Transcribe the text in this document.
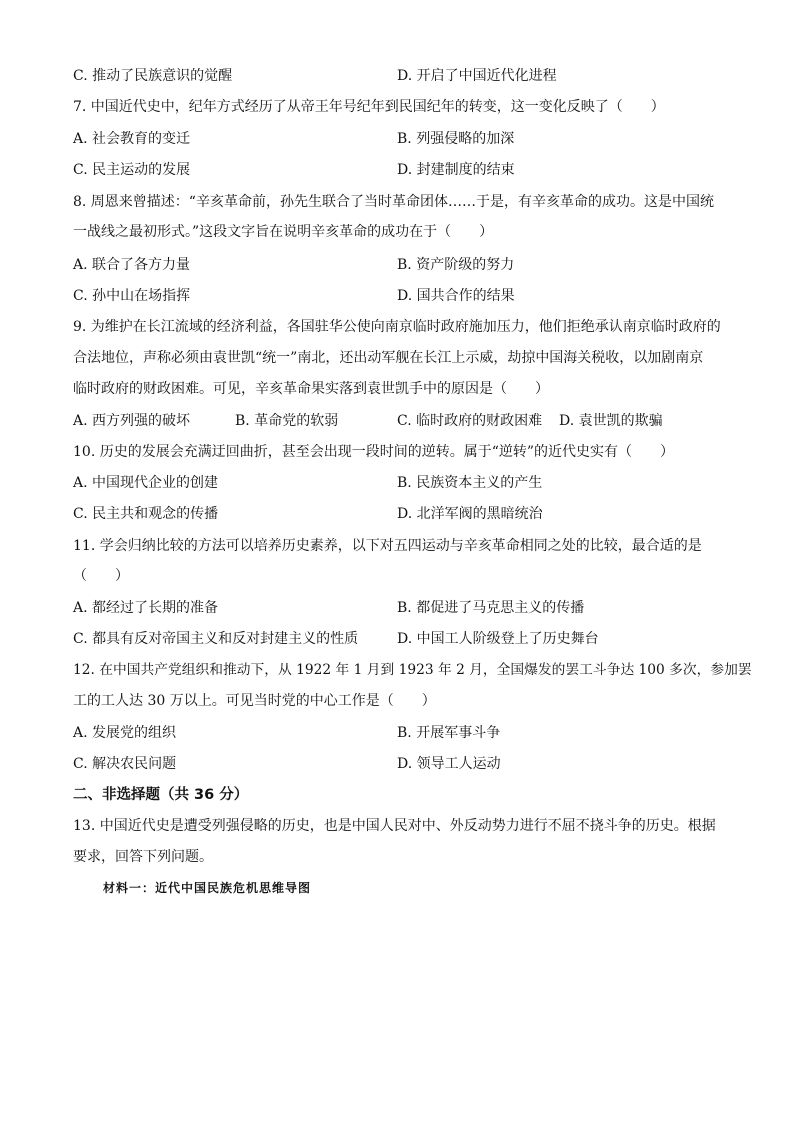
C. 推动了民族意识的觉醒	D. 开启了中国近代化进程
7. 中国近代史中，纪年方式经历了从帝王年号纪年到民国纪年的转变，这一变化反映了（　　）
A. 社会教育的变迁	B. 列强侵略的加深
C. 民主运动的发展	D. 封建制度的结束
8. 周恩来曾描述：“辛亥革命前，孙先生联合了当时革命团体……于是，有辛亥革命的成功。这是中国统
一战线之最初形式。”这段文字旨在说明辛亥革命的成功在于（　　）
A. 联合了各方力量	B. 资产阶级的努力
C. 孙中山在场指挥	D. 国共合作的结果
9. 为维护在长江流域的经济利益，各国驻华公使向南京临时政府施加压力，他们拒绝承认南京临时政府的
合法地位，声称必须由袁世凯“统一”南北，还出动军舰在长江上示威，劫掠中国海关税收，以加剧南京
临时政府的财政困难。可见，辛亥革命果实落到袁世凯手中的原因是（　　）
A. 西方列强的破坏	B. 革命党的软弱	C. 临时政府的财政困难 D. 袁世凯的欺骗
10. 历史的发展会充满迂回曲折，甚至会出现一段时间的逆转。属于“逆转”的近代史实有（　　）
A. 中国现代企业的创建	B. 民族资本主义的产生
C. 民主共和观念的传播	D. 北洋军阀的黑暗统治
11. 学会归纳比较的方法可以培养历史素养，以下对五四运动与辛亥革命相同之处的比较，最合适的是
（　　）
A. 都经过了长期的准备	B. 都促进了马克思主义的传播
C. 都具有反对帝国主义和反对封建主义的性质	D. 中国工人阶级登上了历史舞台
12. 在中国共产党组织和推动下，从 1922 年 1 月到 1923 年 2 月，全国爆发的罢工斗争达 100 多次，参加罢
工的工人达 30 万以上。可见当时党的中心工作是（　　）
A. 发展党的组织	B. 开展军事斗争
C. 解决农民问题	D. 领导工人运动
二、非选择题（共 36 分）
13. 中国近代史是遭受列强侵略的历史，也是中国人民对中、外反动势力进行不屈不挠斗争的历史。根据
要求，回答下列问题。
材料一：近代中国民族危机思维导图
